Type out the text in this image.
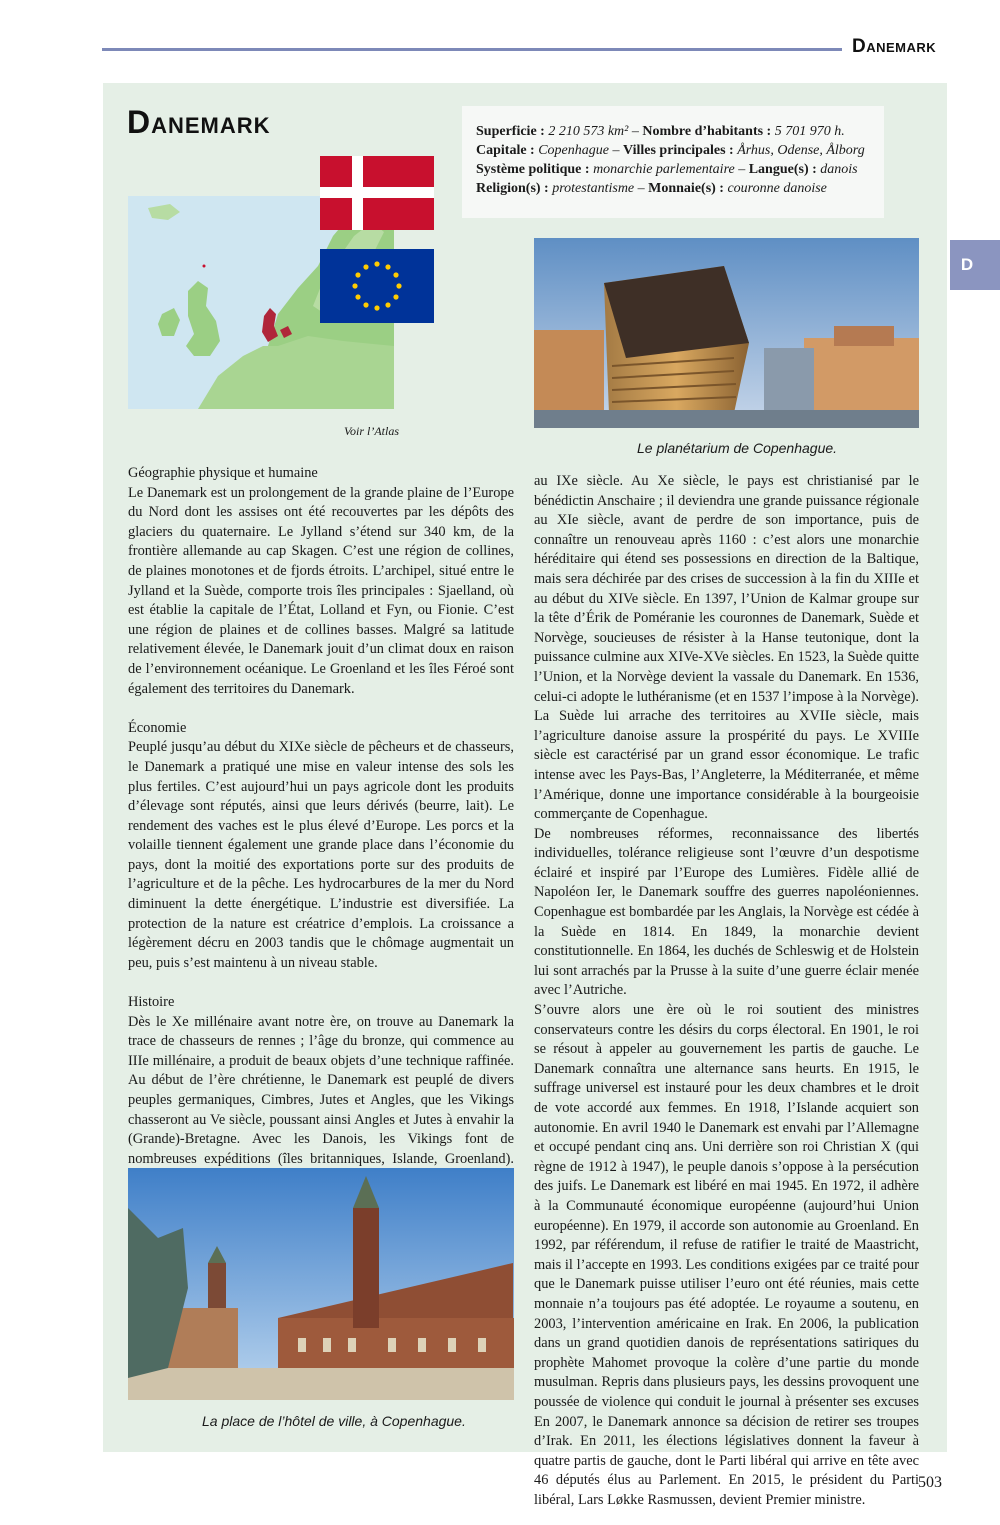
Danemark
D
Danemark	Superficie : 2 210 573 km² – Nombre d’habitants : 5 701 970 h.
Capitale : Copenhague – Villes principales : Århus, Odense, Ålborg
Système politique : monarchie parlementaire – Langue(s) : danois
Religion(s) : protestantisme – Monnaie(s) : couronne danoise
Voir l’Atlas
Le planétarium de Copenhague.

Géographie physique et humaine

Le Danemark est un prolongement de la grande plaine de l’Europe du Nord dont les assises ont été recouvertes par les dépôts des glaciers du quaternaire. Le Jylland s’étend sur 340 km, de la frontière allemande au cap Skagen. C’est une région de collines, de plaines monotones et de fjords étroits. L’archipel, situé entre le Jylland et la Suède, comporte trois îles principales : Sjaelland, où est établie la capitale de l’État, Lolland et Fyn, ou Fionie. C’est une région de plaines et de collines basses. Malgré sa latitude relativement élevée, le Danemark jouit d’un climat doux en raison de l’environnement océanique. Le Groenland et les îles Féroé sont également des territoires du Danemark.

Économie

Peuplé jusqu’au début du XIXe siècle de pêcheurs et de chasseurs, le Danemark a pratiqué une mise en valeur intense des sols les plus fertiles. C’est aujourd’hui un pays agricole dont les produits d’élevage sont réputés, ainsi que leurs dérivés (beurre, lait). Le rendement des vaches est le plus élevé d’Europe. Les porcs et la volaille tiennent également une grande place dans l’économie du pays, dont la moitié des exportations porte sur des produits de l’agriculture et de la pêche. Les hydrocarbures de la mer du Nord diminuent la dette énergétique. L’industrie est diversifiée. La protection de la nature est créatrice d’emplois. La croissance a légèrement décru en 2003 tandis que le chômage augmentait un peu, puis s’est maintenu à un niveau stable.

Histoire

Dès le Xe millénaire avant notre ère, on trouve au Danemark la trace de chasseurs de rennes ; l’âge du bronze, qui commence au IIIe millénaire, a produit de beaux objets d’une technique raffinée. Au début de l’ère chrétienne, le Danemark est peuplé de divers peuples germaniques, Cimbres, Jutes et Angles, que les Vikings chasseront au Ve siècle, poussant ainsi Angles et Jutes à envahir la (Grande)-Bretagne. Avec les Danois, les Vikings font de nombreuses expéditions (îles britanniques, Islande, Groenland).

La place de l’hôtel de ville, à Copenhague.

au IXe siècle. Au Xe siècle, le pays est christianisé par le bénédictin Anschaire ; il deviendra une grande puissance régionale au XIe siècle, avant de perdre de son importance, puis de connaître un renouveau après 1160 : c’est alors une monarchie héréditaire qui étend ses possessions en direction de la Baltique, mais sera déchirée par des crises de succession à la fin du XIIIe et au début du XIVe siècle. En 1397, l’Union de Kalmar groupe sur la tête d’Érik de Poméranie les couronnes de Danemark, Suède et Norvège, soucieuses de résister à la Hanse teutonique, dont la puissance culmine aux XIVe-XVe siècles. En 1523, la Suède quitte l’Union, et la Norvège devient la vassale du Danemark. En 1536, celui-ci adopte le luthéranisme (et en 1537 l’impose à la Norvège). La Suède lui arrache des territoires au XVIIe siècle, mais l’agriculture danoise assure la prospérité du pays. Le XVIIIe siècle est caractérisé par un grand essor économique. Le trafic intense avec les Pays-Bas, l’Angleterre, la Méditerranée, et même l’Amérique, donne une importance considérable à la bourgeoisie commerçante de Copenhague.

De nombreuses réformes, reconnaissance des libertés individuelles, tolérance religieuse sont l’œuvre d’un despotisme éclairé et inspiré par l’Europe des Lumières. Fidèle allié de Napoléon Ier, le Danemark souffre des guerres napoléoniennes. Copenhague est bombardée par les Anglais, la Norvège est cédée à la Suède en 1814. En 1849, la monarchie devient constitutionnelle. En 1864, les duchés de Schleswig et de Holstein lui sont arrachés par la Prusse à la suite d’une guerre éclair menée avec l’Autriche.

S’ouvre alors une ère où le roi soutient des ministres conservateurs contre les désirs du corps électoral. En 1901, le roi se résout à appeler au gouvernement les partis de gauche. Le Danemark connaîtra une alternance sans heurts. En 1915, le suffrage universel est instauré pour les deux chambres et le droit de vote accordé aux femmes. En 1918, l’Islande acquiert son autonomie. En avril 1940 le Danemark est envahi par l’Allemagne et occupé pendant cinq ans. Uni derrière son roi Christian X (qui règne de 1912 à 1947), le peuple danois s’oppose à la persécution des juifs. Le Danemark est libéré en mai 1945. En 1972, il adhère à la Communauté économique européenne (aujourd’hui Union européenne). En 1979, il accorde son autonomie au Groenland. En 1992, par référendum, il refuse de ratifier le traité de Maastricht, mais il l’accepte en 1993. Les conditions exigées par ce traité pour que le Danemark puisse utiliser l’euro ont été réunies, mais cette monnaie n’a toujours pas été adoptée. Le royaume a soutenu, en 2003, l’intervention américaine en Irak. En 2006, la publication dans un grand quotidien danois de représentations satiriques du prophète Mahomet provoque la colère d’une partie du monde musulman. Repris dans plusieurs pays, les dessins provoquent une poussée de violence qui conduit le journal à présenter ses excuses En 2007, le Danemark annonce sa décision de retirer ses troupes d’Irak. En 2011, les élections législatives donnent la faveur à quatre partis de gauche, dont le Parti libéral qui arrive en tête avec 46 députés élus au Parlement. En 2015, le président du Parti libéral, Lars Løkke Rasmussen, devient Premier ministre.

503
